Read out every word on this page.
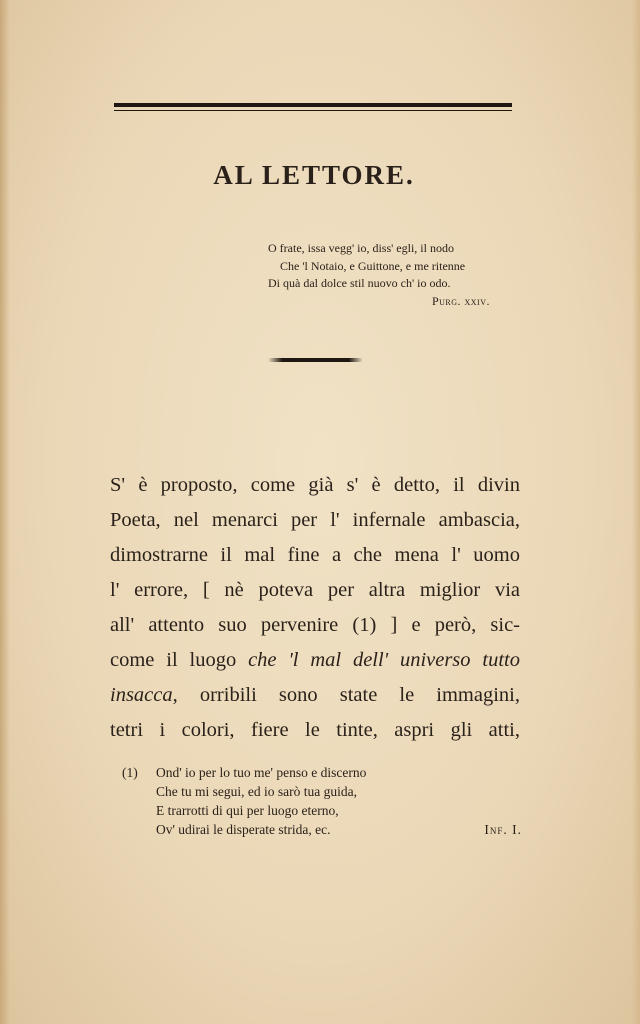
AL LETTORE.
O frate, issa vegg' io, diss' egli, il nodo
Che 'l Notaio, e Guittone, e me ritenne
Di quà dal dolce stil nuovo ch' io odo.
Purg. xxiv.
S' è proposto, come già s' è detto, il divin
Poeta, nel menarci per l' infernale ambascia,
dimostrarne il mal fine a che mena l' uomo
l' errore, [ nè poteva per altra miglior via
all' attento suo pervenire (1) ] e però, sic-
come il luogo che 'l mal dell' universo tutto
insacca, orribili sono state le immagini,
tetri i colori, fiere le tinte, aspri gli atti,
(1) Ond' io per lo tuo me' penso e discerno
Che tu mi segui, ed io sarò tua guida,
E trarrotti di qui per luogo eterno,
Ov' udirai le disperate strida, ec.	Inf. I.
